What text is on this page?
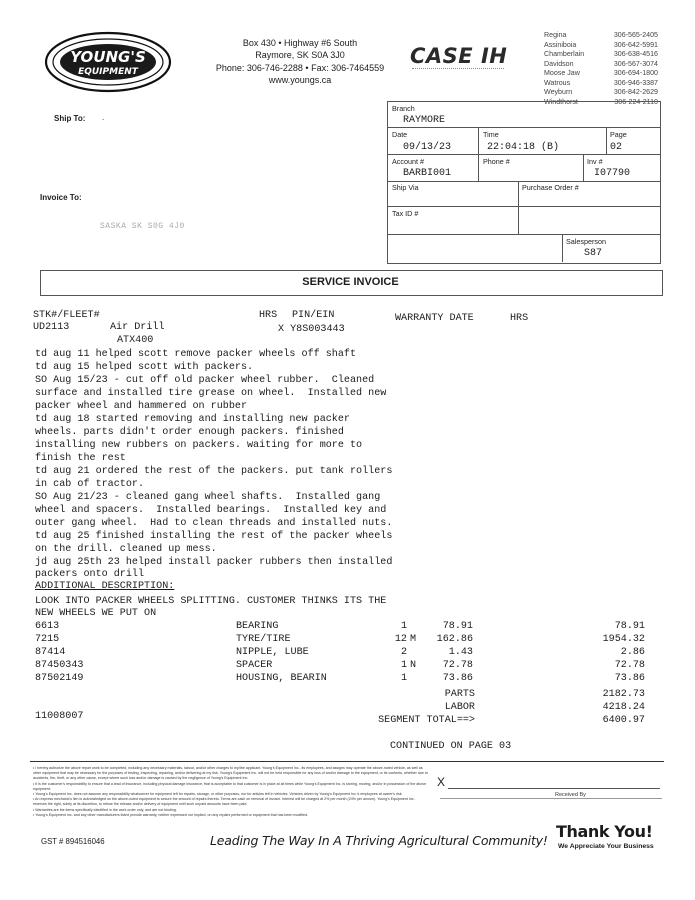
YOUNG'S
EQUIPMENT
Box 430 • Highway #6 South
Raymore, SK S0A 3J0
Phone: 306-746-2288 • Fax: 306-7464559
www.youngs.ca
CASE IH
Regina	306-565-2405
Assiniboia	306-642-5991
Chamberlain	306-638-4516
Davidson	306-567-3074
Moose Jaw	306-694-1800
Watrous	306-946-3387
Weyburn	306-842-2629
Windthorst	306-224-2110
Branch
RAYMORE
Date
09/13/23
Time
22:04:18 (B)
Page
02
Account #
BARBI001
Phone #	Inv #
I07790
Ship Via	Purchase Order #
Tax ID #
Salesperson
S87
Ship To: .
Invoice To:
SASKA SK S0G 4J0
SERVICE INVOICE
STK#/FLEET#	HRS PIN/EIN	WARRANTY DATE	HRS
UD2113	Air Drill	X Y8S003443
ATX400
td aug 11 helped scott remove packer wheels off shaft
td aug 15 helped scott with packers.
SO Aug 15/23 - cut off old packer wheel rubber.  Cleaned
surface and installed tire grease on wheel.  Installed new
packer wheel and hammered on rubber
td aug 18 started removing and installing new packer
wheels. parts didn't order enough packers. finished
installing new rubbers on packers. waiting for more to
finish the rest
td aug 21 ordered the rest of the packers. put tank rollers
in cab of tractor.
SO Aug 21/23 - cleaned gang wheel shafts.  Installed gang
wheel and spacers.  Installed bearings.  Installed key and
outer gang wheel.  Had to clean threads and installed nuts.
td aug 25 finished installing the rest of the packer wheels
on the drill. cleaned up mess.
jd aug 25th 23 helped install packer rubbers then installed
packers onto drill
ADDITIONAL DESCRIPTION:
LOOK INTO PACKER WHEELS SPLITTING. CUSTOMER THINKS ITS THE
NEW WHEELS WE PUT ON
6613	BEARING	1	78.91	78.91
7215	TYRE/TIRE	12 M 162.86	1954.32
87414	NIPPLE, LUBE	2	1.43	2.86
87450343	SPACER	1 N	72.78	72.78
87502149	HOUSING, BEARIN	1	73.86	73.86
PARTS	2182.73
LABOR	4218.24
11008007	SEGMENT TOTAL==>	6400.97
CONTINUED ON PAGE 03

• I hereby authorize the above repair work to be completed, including any necessary materials, labour, and/or other charges to my/the applicant. Young's Equipment Inc., its employees, and assigns may operate the above-noted vehicle, as well as other equipment that may be necessary for the purposes of testing, inspecting, repairing, and/or delivering at my risk. Young's Equipment Inc. will not be held responsible for any loss of and/or damage to the equipment, or its contents, whether due to accidents, fire, theft, or any other cause, except where such loss and/or damage is caused by the negligence of Young's Equipment Inc.

• It is the customer's responsibility to ensure that a lead of insurance, including physical damage insurance, that is acceptable to that customer is in place at all times while Young's Equipment Inc. is storing, moving, and/or in possession of the above equipment.

• Young's Equipment Inc. does not assume any responsibility whatsoever for equipment left for repairs, storage, or other purposes, nor for articles left in vehicles. Vehicles driven by Young's Equipment Inc.'s employees at owner's risk.

• An express mechanic's lien is acknowledged on the above-noted equipment to secure the amount of repairs thereto. Terms are cash on removal of invoice. Interest will be charged at 2% per month (24% per annum). Young's Equipment Inc. reserves the right, solely at its discretion, to refuse the release and/or delivery of equipment until such unpaid amounts have been paid.

• Warranties are the items specifically identified in the work order only, and are not binding.

• Young's Equipment Inc. and any other manufacturers listed provide warranty, neither expressed nor implied, on any repairs performed or equipment that has been modified.

X
Received By
GST # 894516046	Leading The Way In A Thriving Agricultural Community! Thank You!
We Appreciate Your Business
